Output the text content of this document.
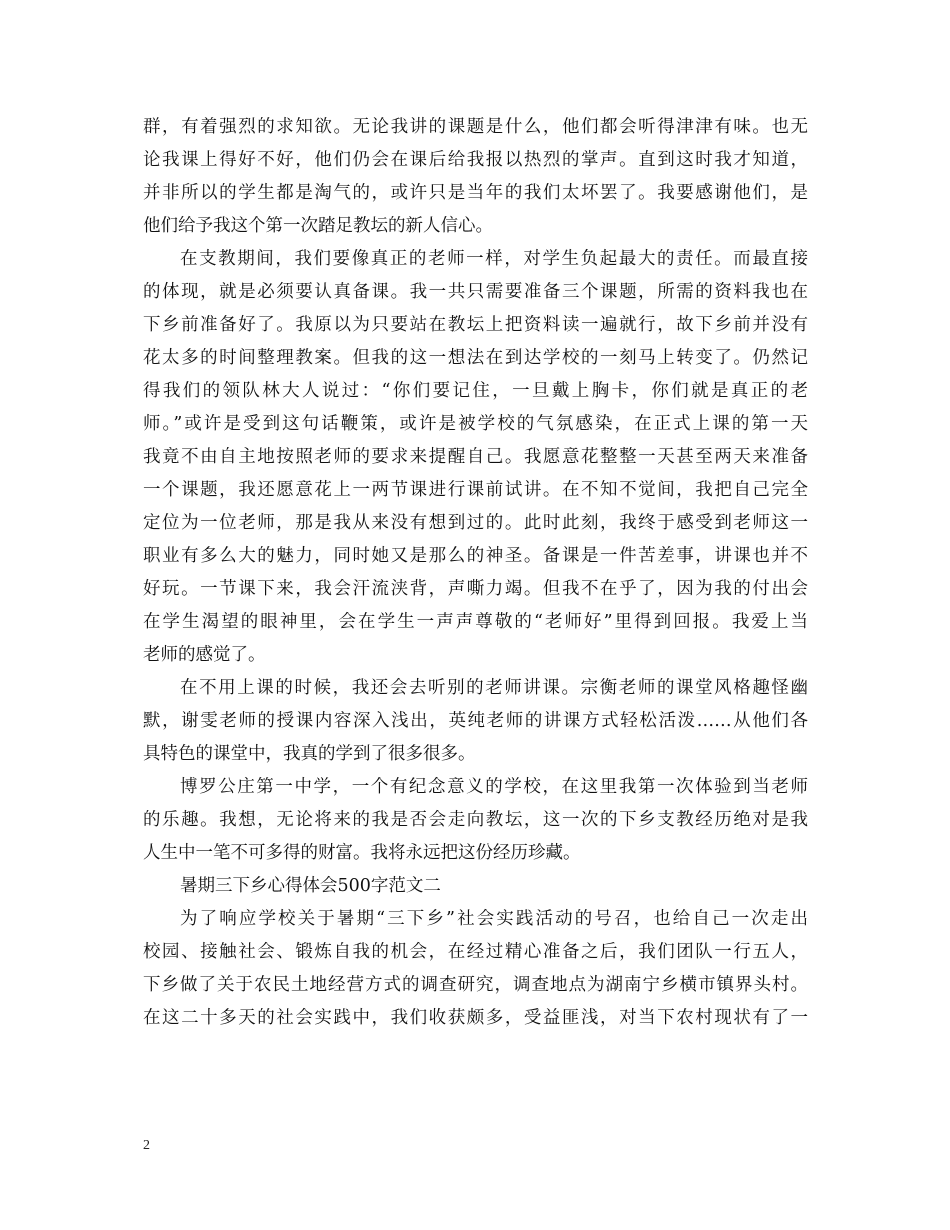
群，有着强烈的求知欲。无论我讲的课题是什么，他们都会听得津津有味。也无
论我课上得好不好，他们仍会在课后给我报以热烈的掌声。直到这时我才知道，
并非所以的学生都是淘气的，或许只是当年的我们太坏罢了。我要感谢他们，是
他们给予我这个第一次踏足教坛的新人信心。
在支教期间，我们要像真正的老师一样，对学生负起最大的责任。而最直接
的体现，就是必须要认真备课。我一共只需要准备三个课题，所需的资料我也在
下乡前准备好了。我原以为只要站在教坛上把资料读一遍就行，故下乡前并没有
花太多的时间整理教案。但我的这一想法在到达学校的一刻马上转变了。仍然记
得我们的领队林大人说过：“你们要记住，一旦戴上胸卡，你们就是真正的老
师。”或许是受到这句话鞭策，或许是被学校的气氛感染，在正式上课的第一天
我竟不由自主地按照老师的要求来提醒自己。我愿意花整整一天甚至两天来准备
一个课题，我还愿意花上一两节课进行课前试讲。在不知不觉间，我把自己完全
定位为一位老师，那是我从来没有想到过的。此时此刻，我终于感受到老师这一
职业有多么大的魅力，同时她又是那么的神圣。备课是一件苦差事，讲课也并不
好玩。一节课下来，我会汗流浃背，声嘶力竭。但我不在乎了，因为我的付出会
在学生渴望的眼神里，会在学生一声声尊敬的“老师好”里得到回报。我爱上当
老师的感觉了。
在不用上课的时候，我还会去听别的老师讲课。宗衡老师的课堂风格趣怪幽
默，谢雯老师的授课内容深入浅出，英纯老师的讲课方式轻松活泼……从他们各
具特色的课堂中，我真的学到了很多很多。
博罗公庄第一中学，一个有纪念意义的学校，在这里我第一次体验到当老师
的乐趣。我想，无论将来的我是否会走向教坛，这一次的下乡支教经历绝对是我
人生中一笔不可多得的财富。我将永远把这份经历珍藏。
暑期三下乡心得体会500字范文二
为了响应学校关于暑期“三下乡”社会实践活动的号召，也给自己一次走出
校园、接触社会、锻炼自我的机会，在经过精心准备之后，我们团队一行五人，
下乡做了关于农民土地经营方式的调查研究，调查地点为湖南宁乡横市镇界头村。
在这二十多天的社会实践中，我们收获颇多，受益匪浅，对当下农村现状有了一
2
